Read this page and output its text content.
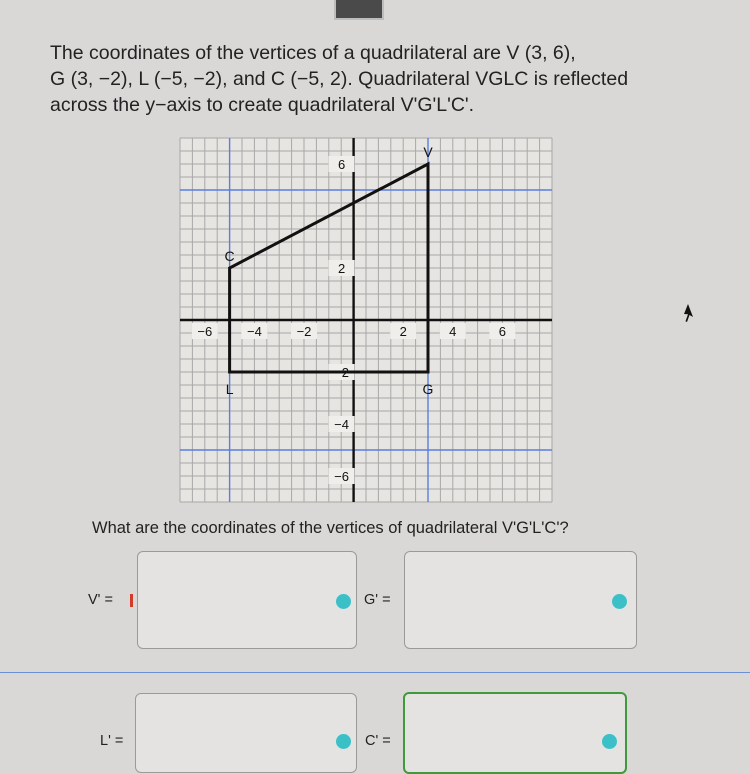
The coordinates of the vertices of a quadrilateral are V (3, 6),
G (3, −2), L (−5, −2), and C (−5, 2). Quadrilateral VGLC is reflected
across the y−axis to create quadrilateral V'G'L'C'.
−6	−4	−2	2	4	6
6
2
−2
−4
−6
V
G
L
C
What are the coordinates of the vertices of quadrilateral V'G'L'C'?
V' =	G' =
L' =	C' =
